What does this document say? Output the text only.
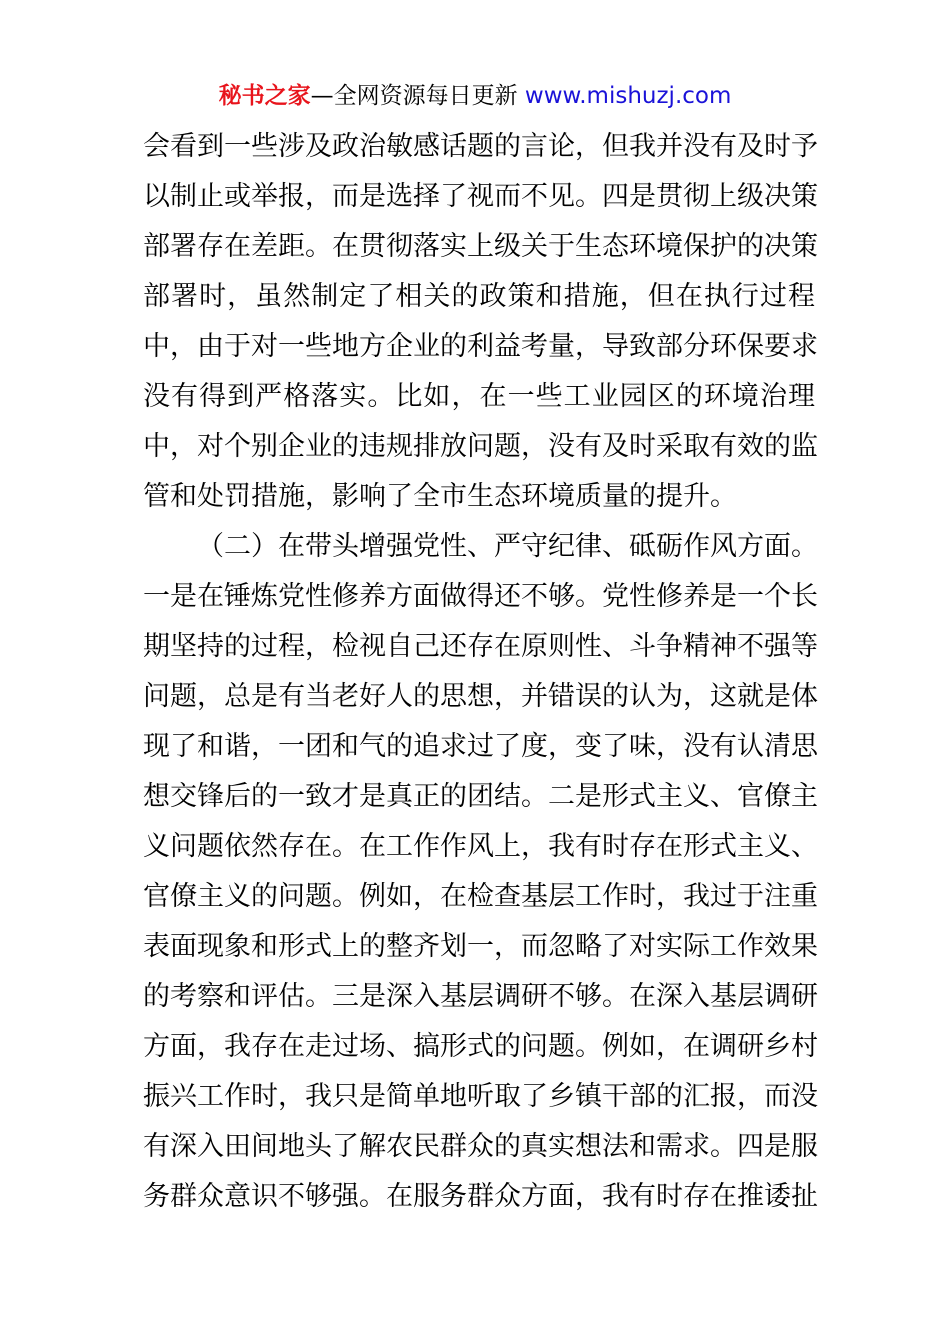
秘书之家—全网资源每日更新 www.mishuzj.com
会看到一些涉及政治敏感话题的言论，但我并没有及时予
以制止或举报，而是选择了视而不见。四是贯彻上级决策
部署存在差距。在贯彻落实上级关于生态环境保护的决策
部署时，虽然制定了相关的政策和措施，但在执行过程
中，由于对一些地方企业的利益考量，导致部分环保要求
没有得到严格落实。比如，在一些工业园区的环境治理
中，对个别企业的违规排放问题，没有及时采取有效的监
管和处罚措施，影响了全市生态环境质量的提升。
（二）在带头增强党性、严守纪律、砥砺作风方面。
一是在锤炼党性修养方面做得还不够。党性修养是一个长
期坚持的过程，检视自己还存在原则性、斗争精神不强等
问题，总是有当老好人的思想，并错误的认为，这就是体
现了和谐，一团和气的追求过了度，变了味，没有认清思
想交锋后的一致才是真正的团结。二是形式主义、官僚主
义问题依然存在。在工作作风上，我有时存在形式主义、
官僚主义的问题。例如，在检查基层工作时，我过于注重
表面现象和形式上的整齐划一，而忽略了对实际工作效果
的考察和评估。三是深入基层调研不够。在深入基层调研
方面，我存在走过场、搞形式的问题。例如，在调研乡村
振兴工作时，我只是简单地听取了乡镇干部的汇报，而没
有深入田间地头了解农民群众的真实想法和需求。四是服
务群众意识不够强。在服务群众方面，我有时存在推诿扯
